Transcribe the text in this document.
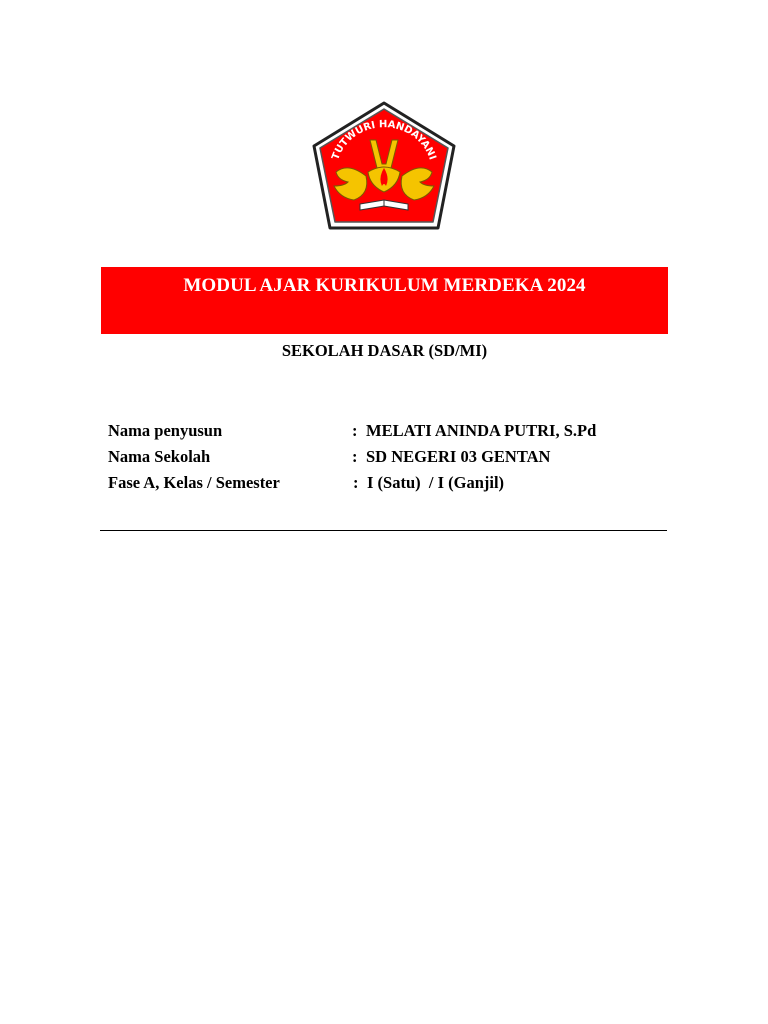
TUTWURI HANDAYANI
MODUL AJAR KURIKULUM MERDEKA 2024
SEKOLAH DASAR (SD/MI)
Nama penyusun	: MELATI ANINDA PUTRI, S.Pd
Nama Sekolah	: SD NEGERI 03 GENTAN
Fase A, Kelas / Semester	: I (Satu)  / I (Ganjil)
